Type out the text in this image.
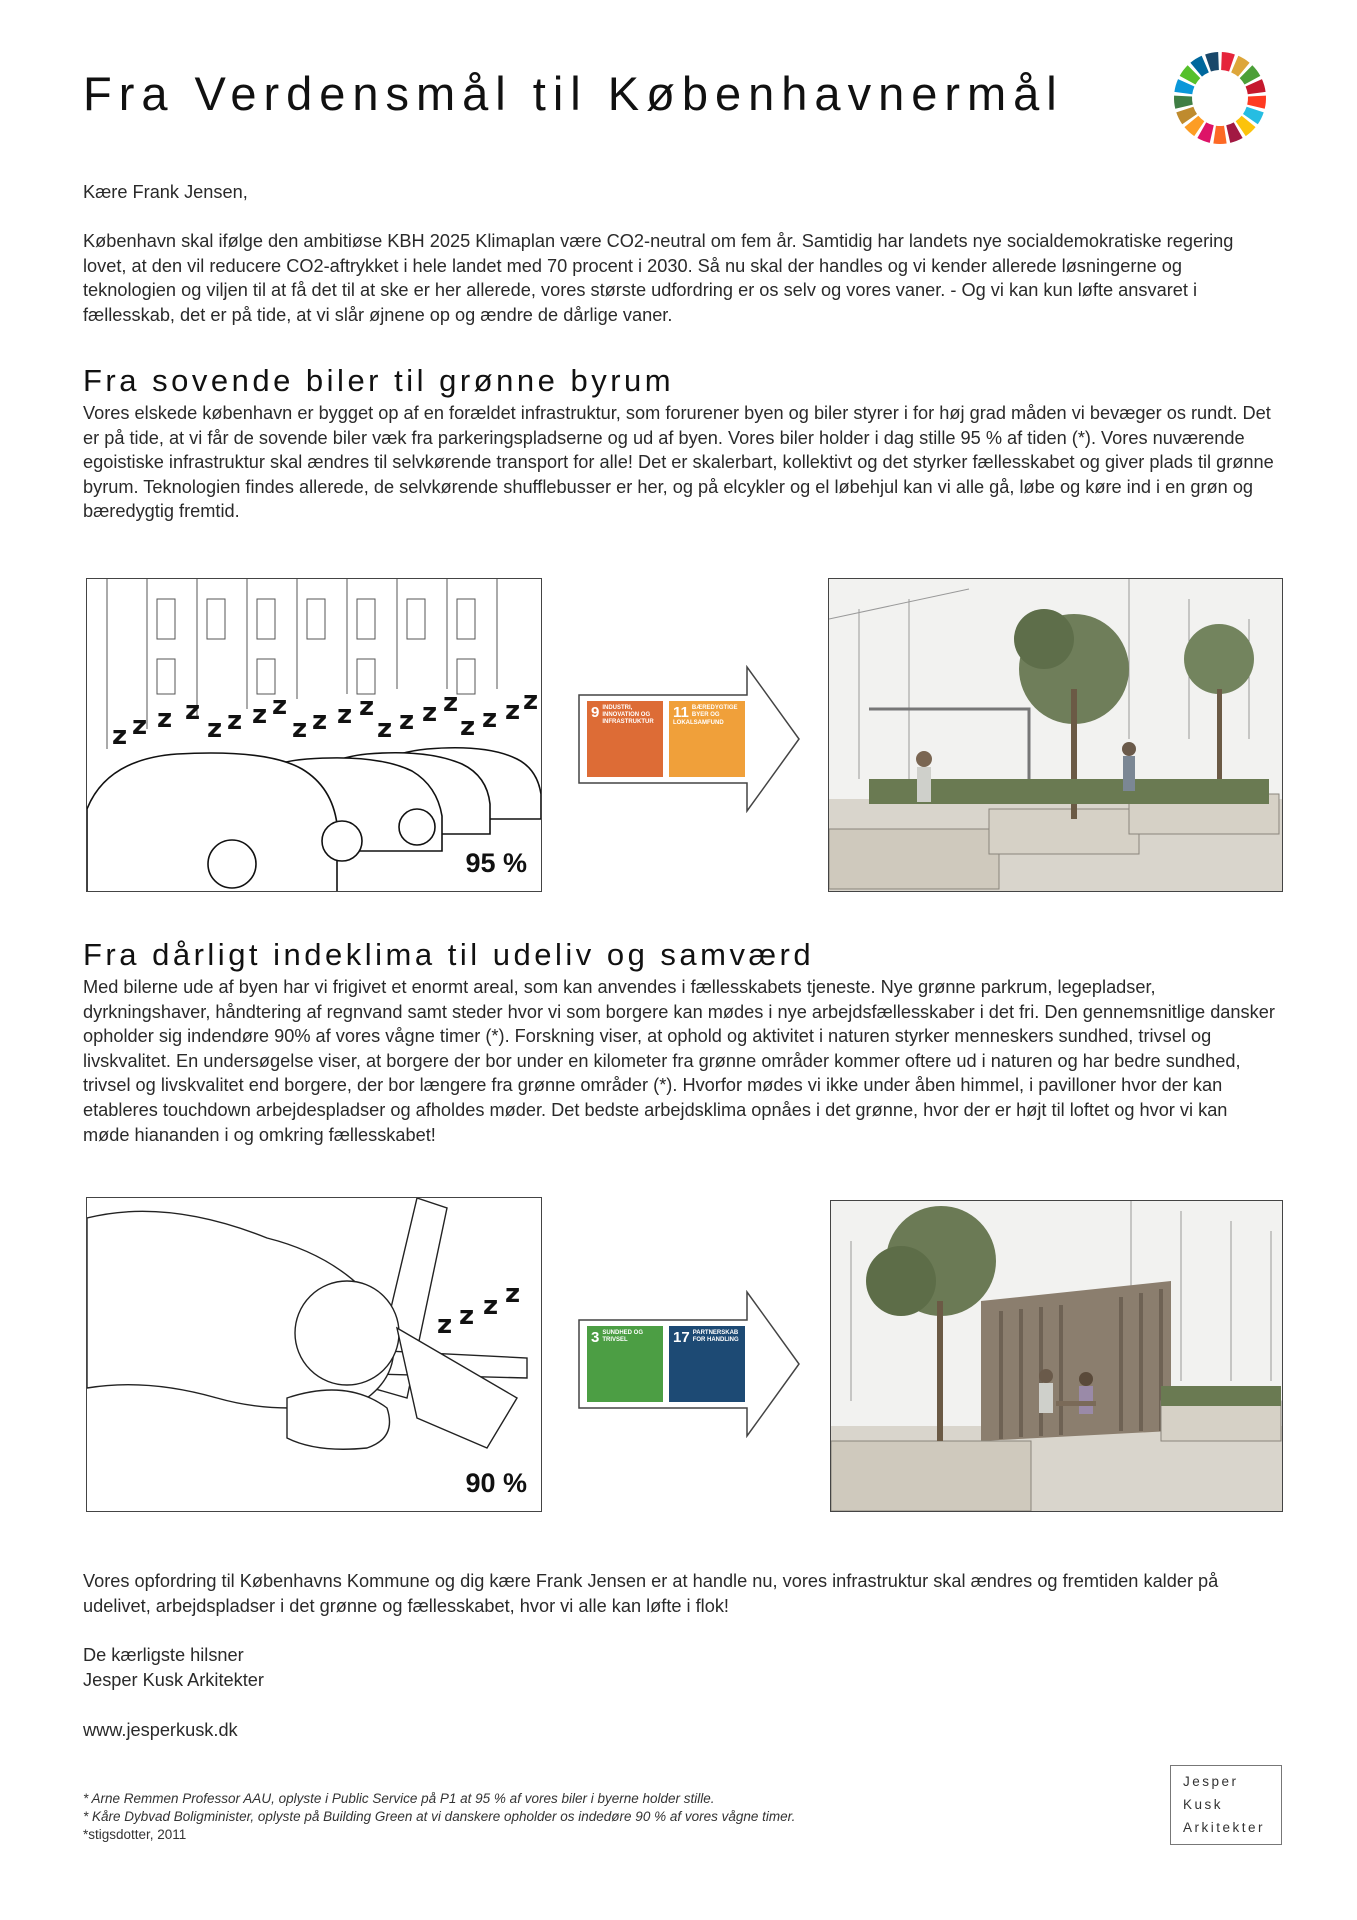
Fra Verdensmål til Københavnermål
Kære Frank Jensen,
København skal ifølge den ambitiøse KBH 2025 Klimaplan være CO2-neutral om fem år. Samtidig har landets nye socialdemokratiske regering lovet, at den vil reducere CO2-aftrykket i hele landet med 70 procent i 2030. Så nu skal der handles og vi kender allerede løsningerne og teknologien og viljen til at få det til at ske er her allerede, vores største udfordring er os selv og vores vaner. - Og vi kan kun løfte ansvaret i fællesskab, det er på tide, at vi slår øjnene op og ændre de dårlige vaner.
Fra sovende biler til grønne byrum
Vores elskede københavn er bygget op af en forældet infrastruktur, som forurener byen og biler styrer i for høj grad måden vi bevæger os rundt. Det er på tide, at vi får de sovende biler væk fra parkeringspladserne og ud af byen. Vores biler holder i dag stille 95 % af tiden (*). Vores nuværende egoistiske infrastruktur skal ændres til selvkørende transport for alle! Det er skalerbart, kollektivt og det styrker fællesskabet og giver plads til grønne byrum. Teknologien findes allerede, de selvkørende shufflebusser er her, og på elcykler og el løbehjul kan vi alle gå, løbe og køre ind i en grøn og bæredygtig fremtid.
z z z z
z z z z
z z z z
z z z z
z z z z
95 %
9 INDUSTRI, INNOVATION OG INFRASTRUKTUR
11 BÆREDYGTIGE BYER OG LOKALSAMFUND
Fra dårligt indeklima til udeliv og samværd
Med bilerne ude af byen har vi frigivet et enormt areal, som kan anvendes i fællesskabets tjeneste. Nye grønne parkrum, legepladser, dyrkningshaver, håndtering af regnvand samt steder hvor vi som borgere kan mødes i nye arbejdsfællesskaber i det fri. Den gennemsnitlige dansker opholder sig indendøre 90% af vores vågne timer (*). Forskning viser, at ophold og aktivitet i naturen styrker menneskers sundhed, trivsel og livskvalitet. En undersøgelse viser, at borgere der bor under en kilometer fra grønne områder kommer oftere ud i naturen og har bedre sundhed, trivsel og livskvalitet end borgere, der bor længere fra grønne områder (*). Hvorfor mødes vi ikke under åben himmel, i pavilloner hvor der kan etableres touchdown arbejdespladser og afholdes møder. Det bedste arbejdsklima opnåes i det grønne, hvor der er højt til loftet og hvor vi kan møde hiananden i og omkring fællesskabet!
z z z z
90 %
3 SUNDHED OG TRIVSEL	17 PARTNERSKAB FOR HANDLING
Vores opfordring til Københavns Kommune og dig kære Frank Jensen er at handle nu, vores infrastruktur skal ændres og fremtiden kalder på udelivet, arbejdspladser i det grønne og fællesskabet, hvor vi alle kan løfte i flok!
De kærligste hilsner
Jesper Kusk Arkitekter
www.jesperkusk.dk
* Arne Remmen Professor AAU, oplyste i Public Service på P1 at 95 % af vores biler i byerne holder stille.
* Kåre Dybvad Boligminister, oplyste på Building Green at vi danskere opholder os indedøre 90 % af vores vågne timer.
*stigsdotter, 2011
Jesper
Kusk
Arkitekter
